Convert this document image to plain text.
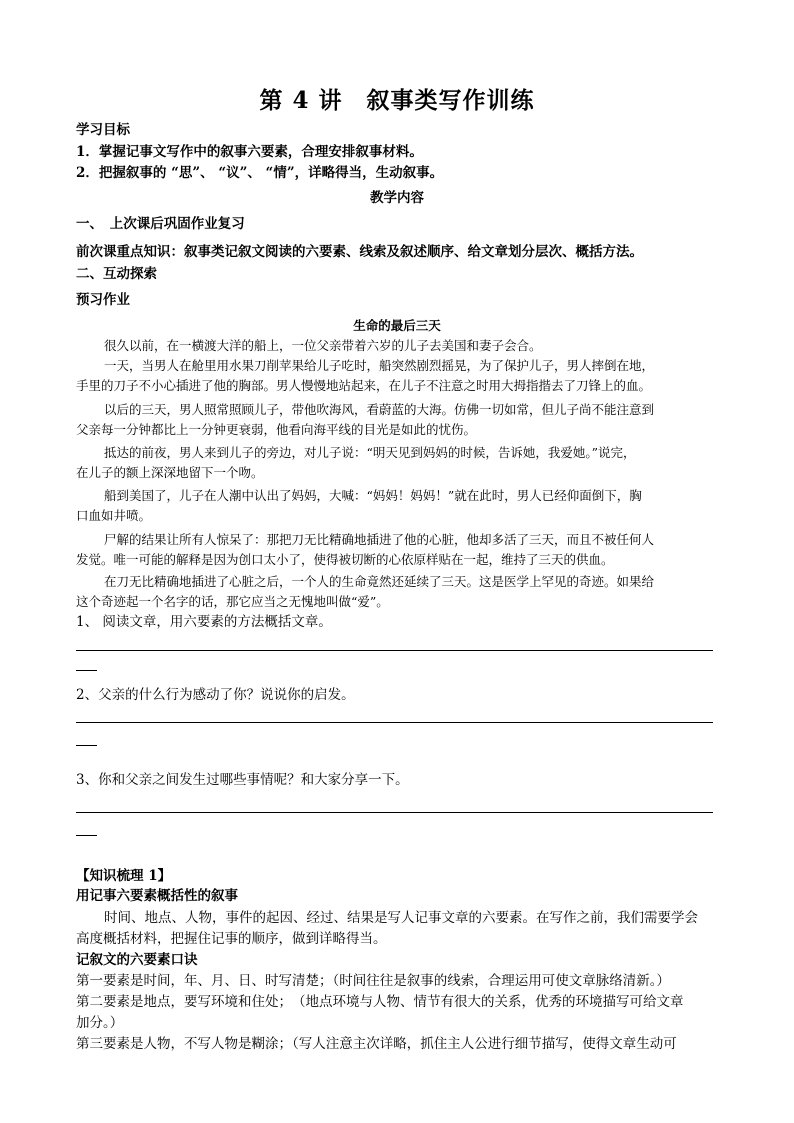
第 4 讲　叙事类写作训练
学习目标
1．掌握记事文写作中的叙事六要素，合理安排叙事材料。
2．把握叙事的 “思”、 “议”、 “情”，详略得当，生动叙事。
教学内容
一、　上次课后巩固作业复习
前次课重点知识：叙事类记叙文阅读的六要素、线索及叙述顺序、给文章划分层次、概括方法。
二、互动探索
预习作业
生命的最后三天

很久以前，在一横渡大洋的船上，一位父亲带着六岁的儿子去美国和妻子会合。

一天，当男人在舱里用水果刀削苹果给儿子吃时，船突然剧烈摇晃，为了保护儿子，男人摔倒在地，

手里的刀子不小心插进了他的胸部。男人慢慢地站起来，在儿子不注意之时用大拇指揩去了刀锋上的血。

以后的三天，男人照常照顾儿子，带他吹海风，看蔚蓝的大海。仿佛一切如常，但儿子尚不能注意到

父亲每一分钟都比上一分钟更衰弱，他看向海平线的目光是如此的忧伤。

抵达的前夜，男人来到儿子的旁边，对儿子说：“明天见到妈妈的时候，告诉她，我爱她。”说完，

在儿子的额上深深地留下一个吻。

船到美国了，儿子在人潮中认出了妈妈，大喊：“妈妈！妈妈！”就在此时，男人已经仰面倒下，胸

口血如井喷。

尸解的结果让所有人惊呆了：那把刀无比精确地插进了他的心脏，他却多活了三天，而且不被任何人

发觉。唯一可能的解释是因为创口太小了，使得被切断的心依原样贴在一起，维持了三天的供血。

在刀无比精确地插进了心脏之后，一个人的生命竟然还延续了三天。这是医学上罕见的奇迹。如果给

这个奇迹起一个名字的话，那它应当之无愧地叫做“爱”。

1、 阅读文章，用六要素的方法概括文章。
2、父亲的什么行为感动了你？说说你的启发。
3、你和父亲之间发生过哪些事情呢？和大家分享一下。
【知识梳理 1】
用记事六要素概括性的叙事
时间、地点、人物，事件的起因、经过、结果是写人记事文章的六要素。在写作之前，我们需要学会
高度概括材料，把握住记事的顺序，做到详略得当。
记叙文的六要素口诀
第一要素是时间，年、月、日、时写清楚；（时间往往是叙事的线索，合理运用可使文章脉络清新。）
第二要素是地点，要写环境和住处；　（地点环境与人物、情节有很大的关系，优秀的环境描写可给文章
加分。）
第三要素是人物，不写人物是糊涂；（写人注意主次详略，抓住主人公进行细节描写，使得文章生动可
